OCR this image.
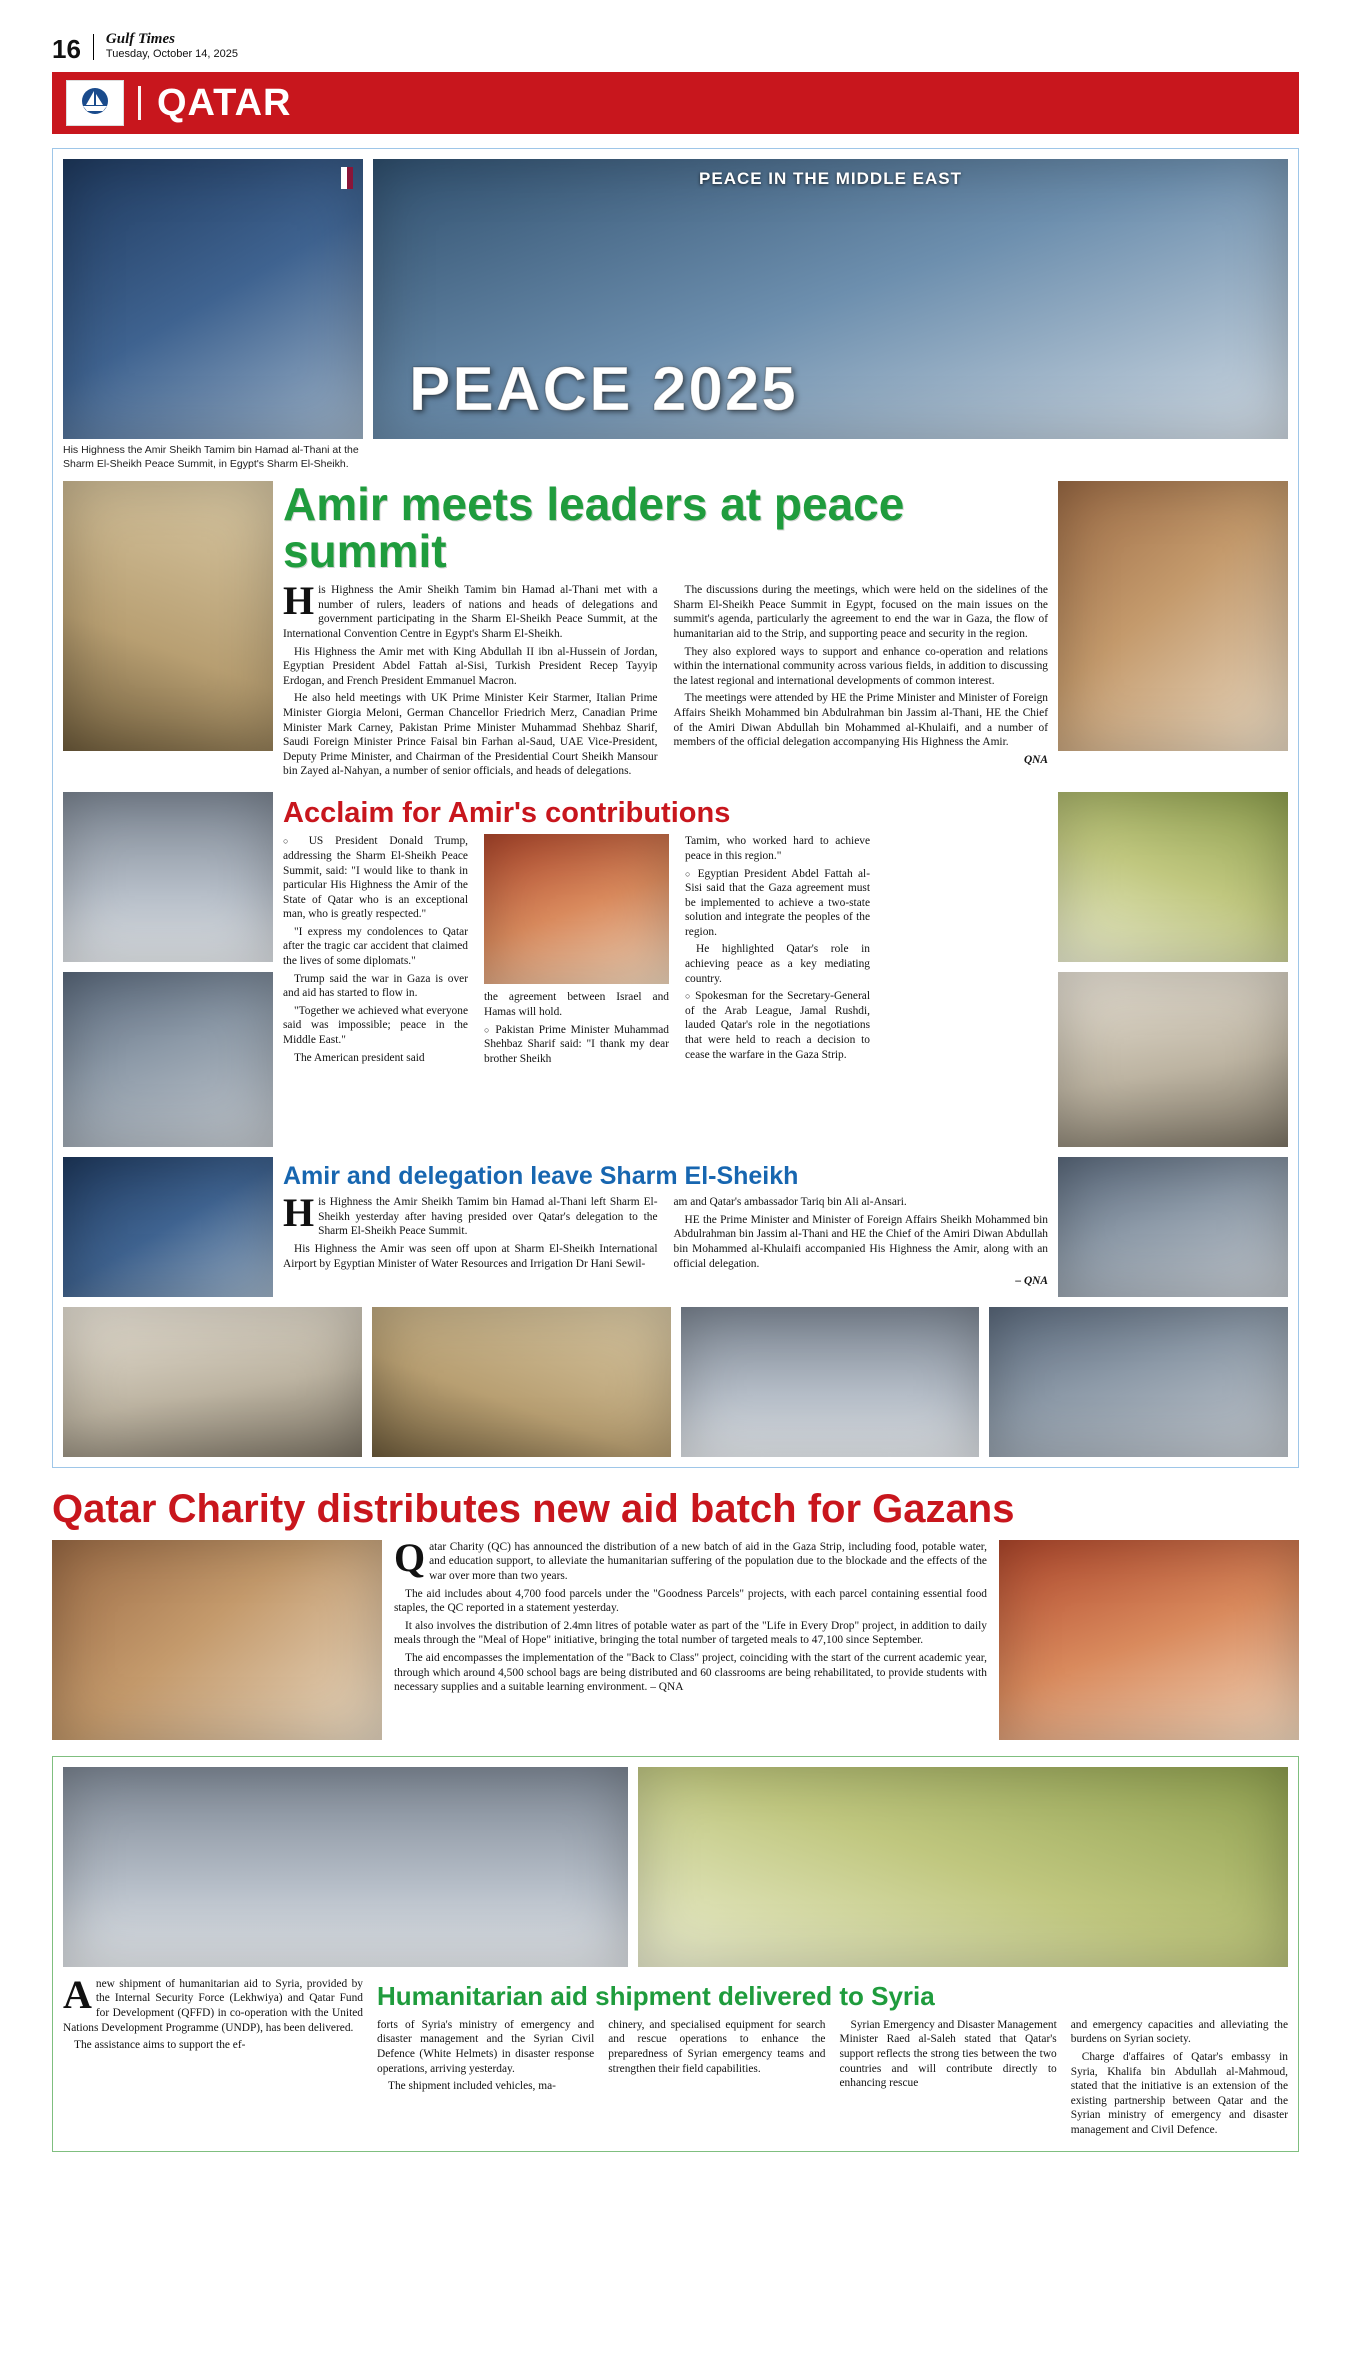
16 Gulf Times
Tuesday, October 14, 2025
QATAR
His Highness the Amir Sheikh Tamim bin Hamad al-Thani at the Sharm El-Sheikh Peace Summit, in Egypt's Sharm El-Sheikh.
PEACE IN THE MIDDLE EAST
PEACE 2025
Amir meets leaders at peace summit

His Highness the Amir Sheikh Tamim bin Hamad al-Thani met with a number of rulers, leaders of nations and heads of delegations and government participating in the Sharm El-Sheikh Peace Summit, at the International Convention Centre in Egypt's Sharm El-Sheikh.

His Highness the Amir met with King Abdullah II ibn al-Hussein of Jordan, Egyptian President Abdel Fattah al-Sisi, Turkish President Recep Tayyip Erdogan, and French President Emmanuel Macron.

He also held meetings with UK Prime Minister Keir Starmer, Italian Prime Minister Giorgia Meloni, German Chancellor Friedrich Merz, Canadian Prime Minister Mark Carney, Pakistan Prime Minister Muhammad Shehbaz Sharif, Saudi Foreign Minister Prince Faisal bin Farhan al-Saud, UAE Vice-President, Deputy Prime Minister, and Chairman of the Presidential Court Sheikh Mansour bin Zayed al-Nahyan, a number of senior officials, and heads of delegations.

The discussions during the meetings, which were held on the sidelines of the Sharm El-Sheikh Peace Summit in Egypt, focused on the main issues on the summit's agenda, particularly the agreement to end the war in Gaza, the flow of humanitarian aid to the Strip, and supporting peace and security in the region.

They also explored ways to support and enhance co-operation and relations within the international community across various fields, in addition to discussing the latest regional and international developments of common interest.

The meetings were attended by HE the Prime Minister and Minister of Foreign Affairs Sheikh Mohammed bin Abdulrahman bin Jassim al-Thani, HE the Chief of the Amiri Diwan Abdullah bin Mohammed al-Khulaifi, and a number of members of the official delegation accompanying His Highness the Amir.

QNA

Acclaim for Amir's contributions

○ US President Donald Trump, addressing the Sharm El-Sheikh Peace Summit, said: "I would like to thank in particular His Highness the Amir of the State of Qatar who is an exceptional man, who is greatly respected."

"I express my condolences to Qatar after the tragic car accident that claimed the lives of some diplomats."

Trump said the war in Gaza is over and aid has started to flow in.

"Together we achieved what everyone said was impossible; peace in the Middle East."

The American president said

the agreement between Israel and Hamas will hold.

○ Pakistan Prime Minister Muhammad Shehbaz Sharif said: "I thank my dear brother Sheikh

Tamim, who worked hard to achieve peace in this region."

○ Egyptian President Abdel Fattah al-Sisi said that the Gaza agreement must be implemented to achieve a two-state solution and integrate the peoples of the region.

He highlighted Qatar's role in achieving peace as a key mediating country.

○ Spokesman for the Secretary-General of the Arab League, Jamal Rushdi, lauded Qatar's role in the negotiations that were held to reach a decision to cease the warfare in the Gaza Strip.

Amir and delegation leave Sharm El-Sheikh

His Highness the Amir Sheikh Tamim bin Hamad al-Thani left Sharm El-Sheikh yesterday after having presided over Qatar's delegation to the Sharm El-Sheikh Peace Summit.

His Highness the Amir was seen off upon at Sharm El-Sheikh International Airport by Egyptian Minister of Water Resources and Irrigation Dr Hani Sewil-

am and Qatar's ambassador Tariq bin Ali al-Ansari.

HE the Prime Minister and Minister of Foreign Affairs Sheikh Mohammed bin Abdulrahman bin Jassim al-Thani and HE the Chief of the Amiri Diwan Abdullah bin Mohammed al-Khulaifi accompanied His Highness the Amir, along with an official delegation.

– QNA

Qatar Charity distributes new aid batch for Gazans

Qatar Charity (QC) has announced the distribution of a new batch of aid in the Gaza Strip, including food, potable water, and education support, to alleviate the humanitarian suffering of the population due to the blockade and the effects of the war over more than two years.

The aid includes about 4,700 food parcels under the "Goodness Parcels" projects, with each parcel containing essential food staples, the QC reported in a statement yesterday.

It also involves the distribution of 2.4mn litres of potable water as part of the "Life in Every Drop" project, in addition to daily meals through the "Meal of Hope" initiative, bringing the total number of targeted meals to 47,100 since September.

The aid encompasses the implementation of the "Back to Class" project, coinciding with the start of the current academic year, through which around 4,500 school bags are being distributed and 60 classrooms are being rehabilitated, to provide students with necessary supplies and a suitable learning environment. – QNA

Anew shipment of humanitarian aid to Syria, provided by the Internal Security Force (Lekhwiya) and Qatar Fund for Development (QFFD) in co-operation with the United Nations Development Programme (UNDP), has been delivered.

The assistance aims to support the ef-

Humanitarian aid shipment delivered to Syria

forts of Syria's ministry of emergency and disaster management and the Syrian Civil Defence (White Helmets) in disaster response operations, arriving yesterday.

The shipment included vehicles, ma-

chinery, and specialised equipment for search and rescue operations to enhance the preparedness of Syrian emergency teams and strengthen their field capabilities.

Syrian Emergency and Disaster Management Minister Raed al-Saleh stated that Qatar's support reflects the strong ties between the two countries and will contribute directly to enhancing rescue

and emergency capacities and alleviating the burdens on Syrian society.

Charge d'affaires of Qatar's embassy in Syria, Khalifa bin Abdullah al-Mahmoud, stated that the initiative is an extension of the existing partnership between Qatar and the Syrian ministry of emergency and disaster management and Civil Defence.
